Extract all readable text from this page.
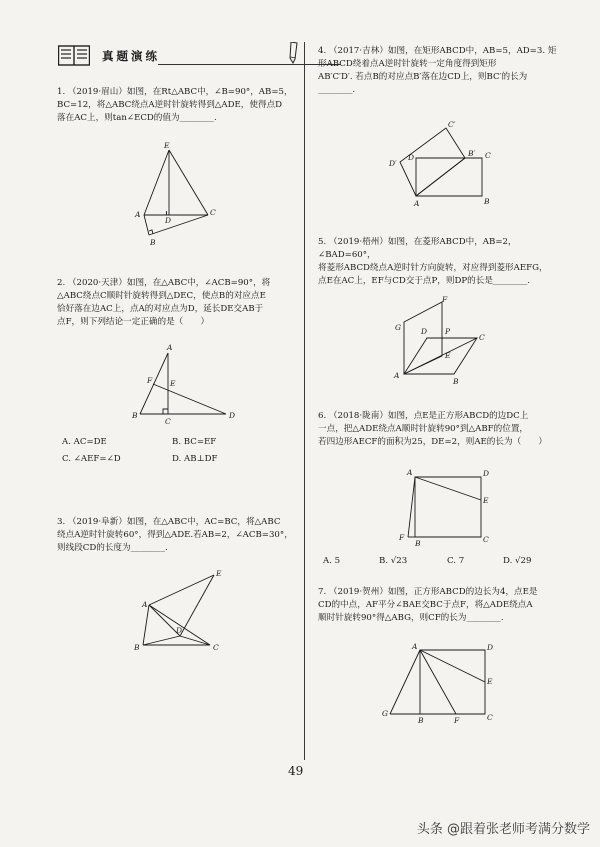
真题演练

1. （2019·眉山）如图，在Rt△ABC中，∠B=90°，AB=5，

BC=12，将△ABC绕点A逆时针旋转得到△ADE，使得点D

落在AC上，则tan∠ECD的值为________.

E
A
D
C
B

2. （2020·天津）如图，在△ABC中，∠ACB=90°，将

△ABC绕点C顺时针旋转得到△DEC，使点B的对应点E

恰好落在边AC上，点A的对应点为D，延长DE交AB于

点F，则下列结论一定正确的是（　　）

A
F E
B
C
D
A. AC=DE	B. BC=EF
C. ∠AEF=∠D	D. AB⊥DF

3. （2019·阜新）如图，在△ABC中，AC=BC，将△ABC

绕点A逆时针旋转60°，得到△ADE.若AB=2，∠ACB=30°，

则线段CD的长度为________.

E
A
D
B	C

4. （2017·吉林）如图，在矩形ABCD中，AB=5，AD=3. 矩

形ABCD绕着点A逆时针旋转一定角度得到矩形

AB′C′D′. 若点B的对应点B′落在边CD上，则BC′的长为

________.

C′
D′
D	B′ C
A	B

5. （2019·梧州）如图，在菱形ABCD中，AB=2，∠BAD=60°，

将菱形ABCD绕点A逆时针方向旋转，对应得到菱形AEFG，

点E在AC上，EF与CD交于点P，则DP的长是________.

F
G	D P
C
E
A
B

6. （2018·陇南）如图，点E是正方形ABCD的边DC上

一点，把△ADE绕点A顺时针旋转90°到△ABF的位置，

若四边形AECF的面积为25，DE=2，则AE的长为（　　）

A	D
E
F
B	C
A. 5	B. √23	C. 7	D. √29

7. （2019·贺州）如图，正方形ABCD的边长为4，点E是

CD的中点，AF平分∠BAE交BC于点F，将△ADE绕点A

顺时针旋转90°得△ABG，则CF的长为________.

A	D
E
G
B	F	C
49
头条 @跟着张老师考满分数学
